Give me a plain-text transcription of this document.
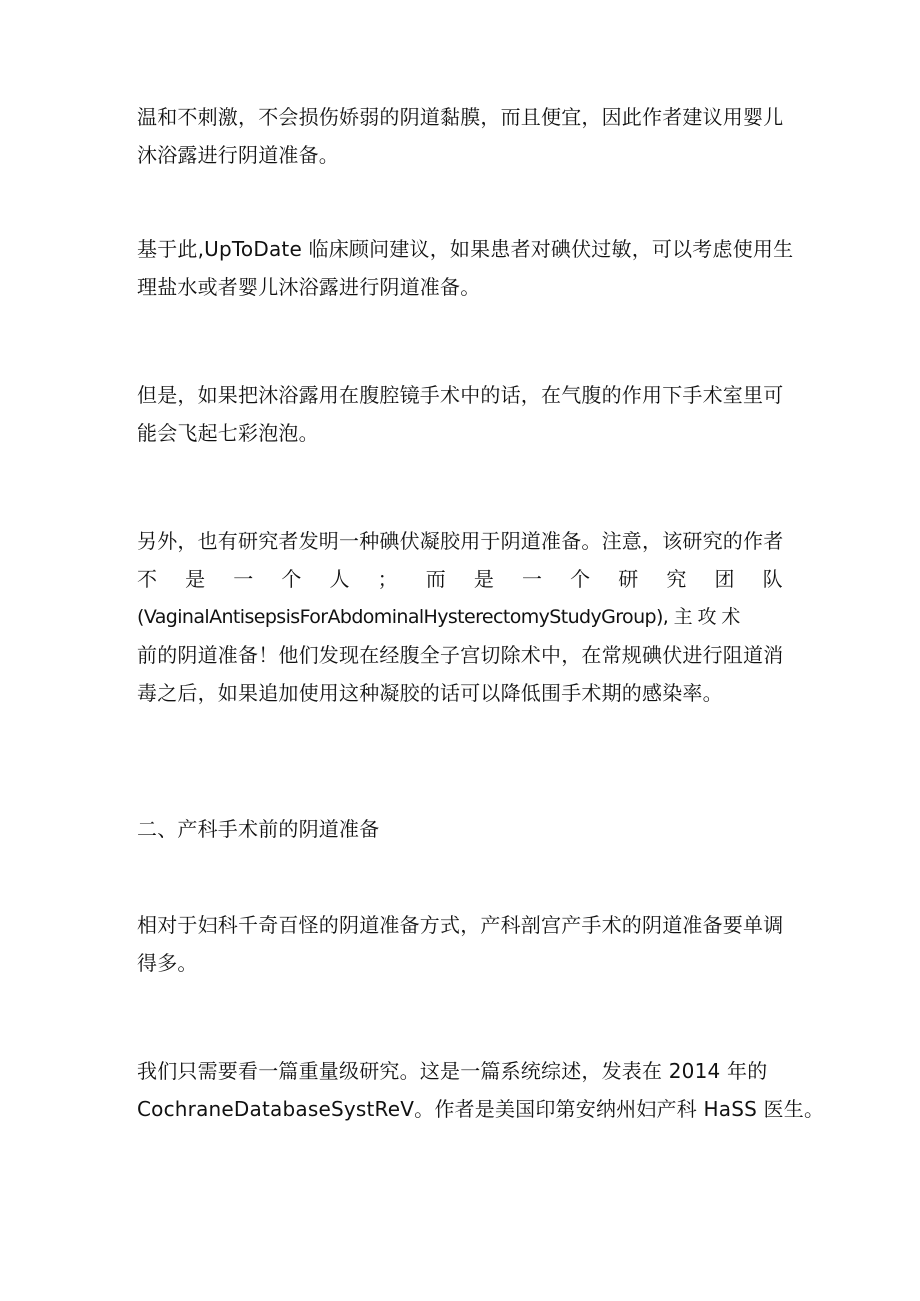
温和不刺激，不会损伤娇弱的阴道黏膜，而且便宜，因此作者建议用婴儿
沐浴露进行阴道准备。

基于此,UpToDate 临床顾问建议，如果患者对碘伏过敏，可以考虑使用生
理盐水或者婴儿沐浴露进行阴道准备。

但是，如果把沐浴露用在腹腔镜手术中的话，在气腹的作用下手术室里可
能会飞起七彩泡泡。

另外，也有研究者发明一种碘伏凝胶用于阴道准备。注意，该研究的作者
不 是 一 个 人 ； 而 是 一 个 研 究 团 队
(VaginalAntisepsisForAbdominalHysterectomyStudyGroup), 主 攻 术
前的阴道准备！他们发现在经腹全子宫切除术中，在常规碘伏进行阻道消
毒之后，如果追加使用这种凝胶的话可以降低围手术期的感染率。

二、产科手术前的阴道准备

相对于妇科千奇百怪的阴道准备方式，产科剖宫产手术的阴道准备要单调
得多。

我们只需要看一篇重量级研究。这是一篇系统综述，发表在 2014 年的
CochraneDatabaseSystReV。作者是美国印第安纳州妇产科 HaSS 医生。
